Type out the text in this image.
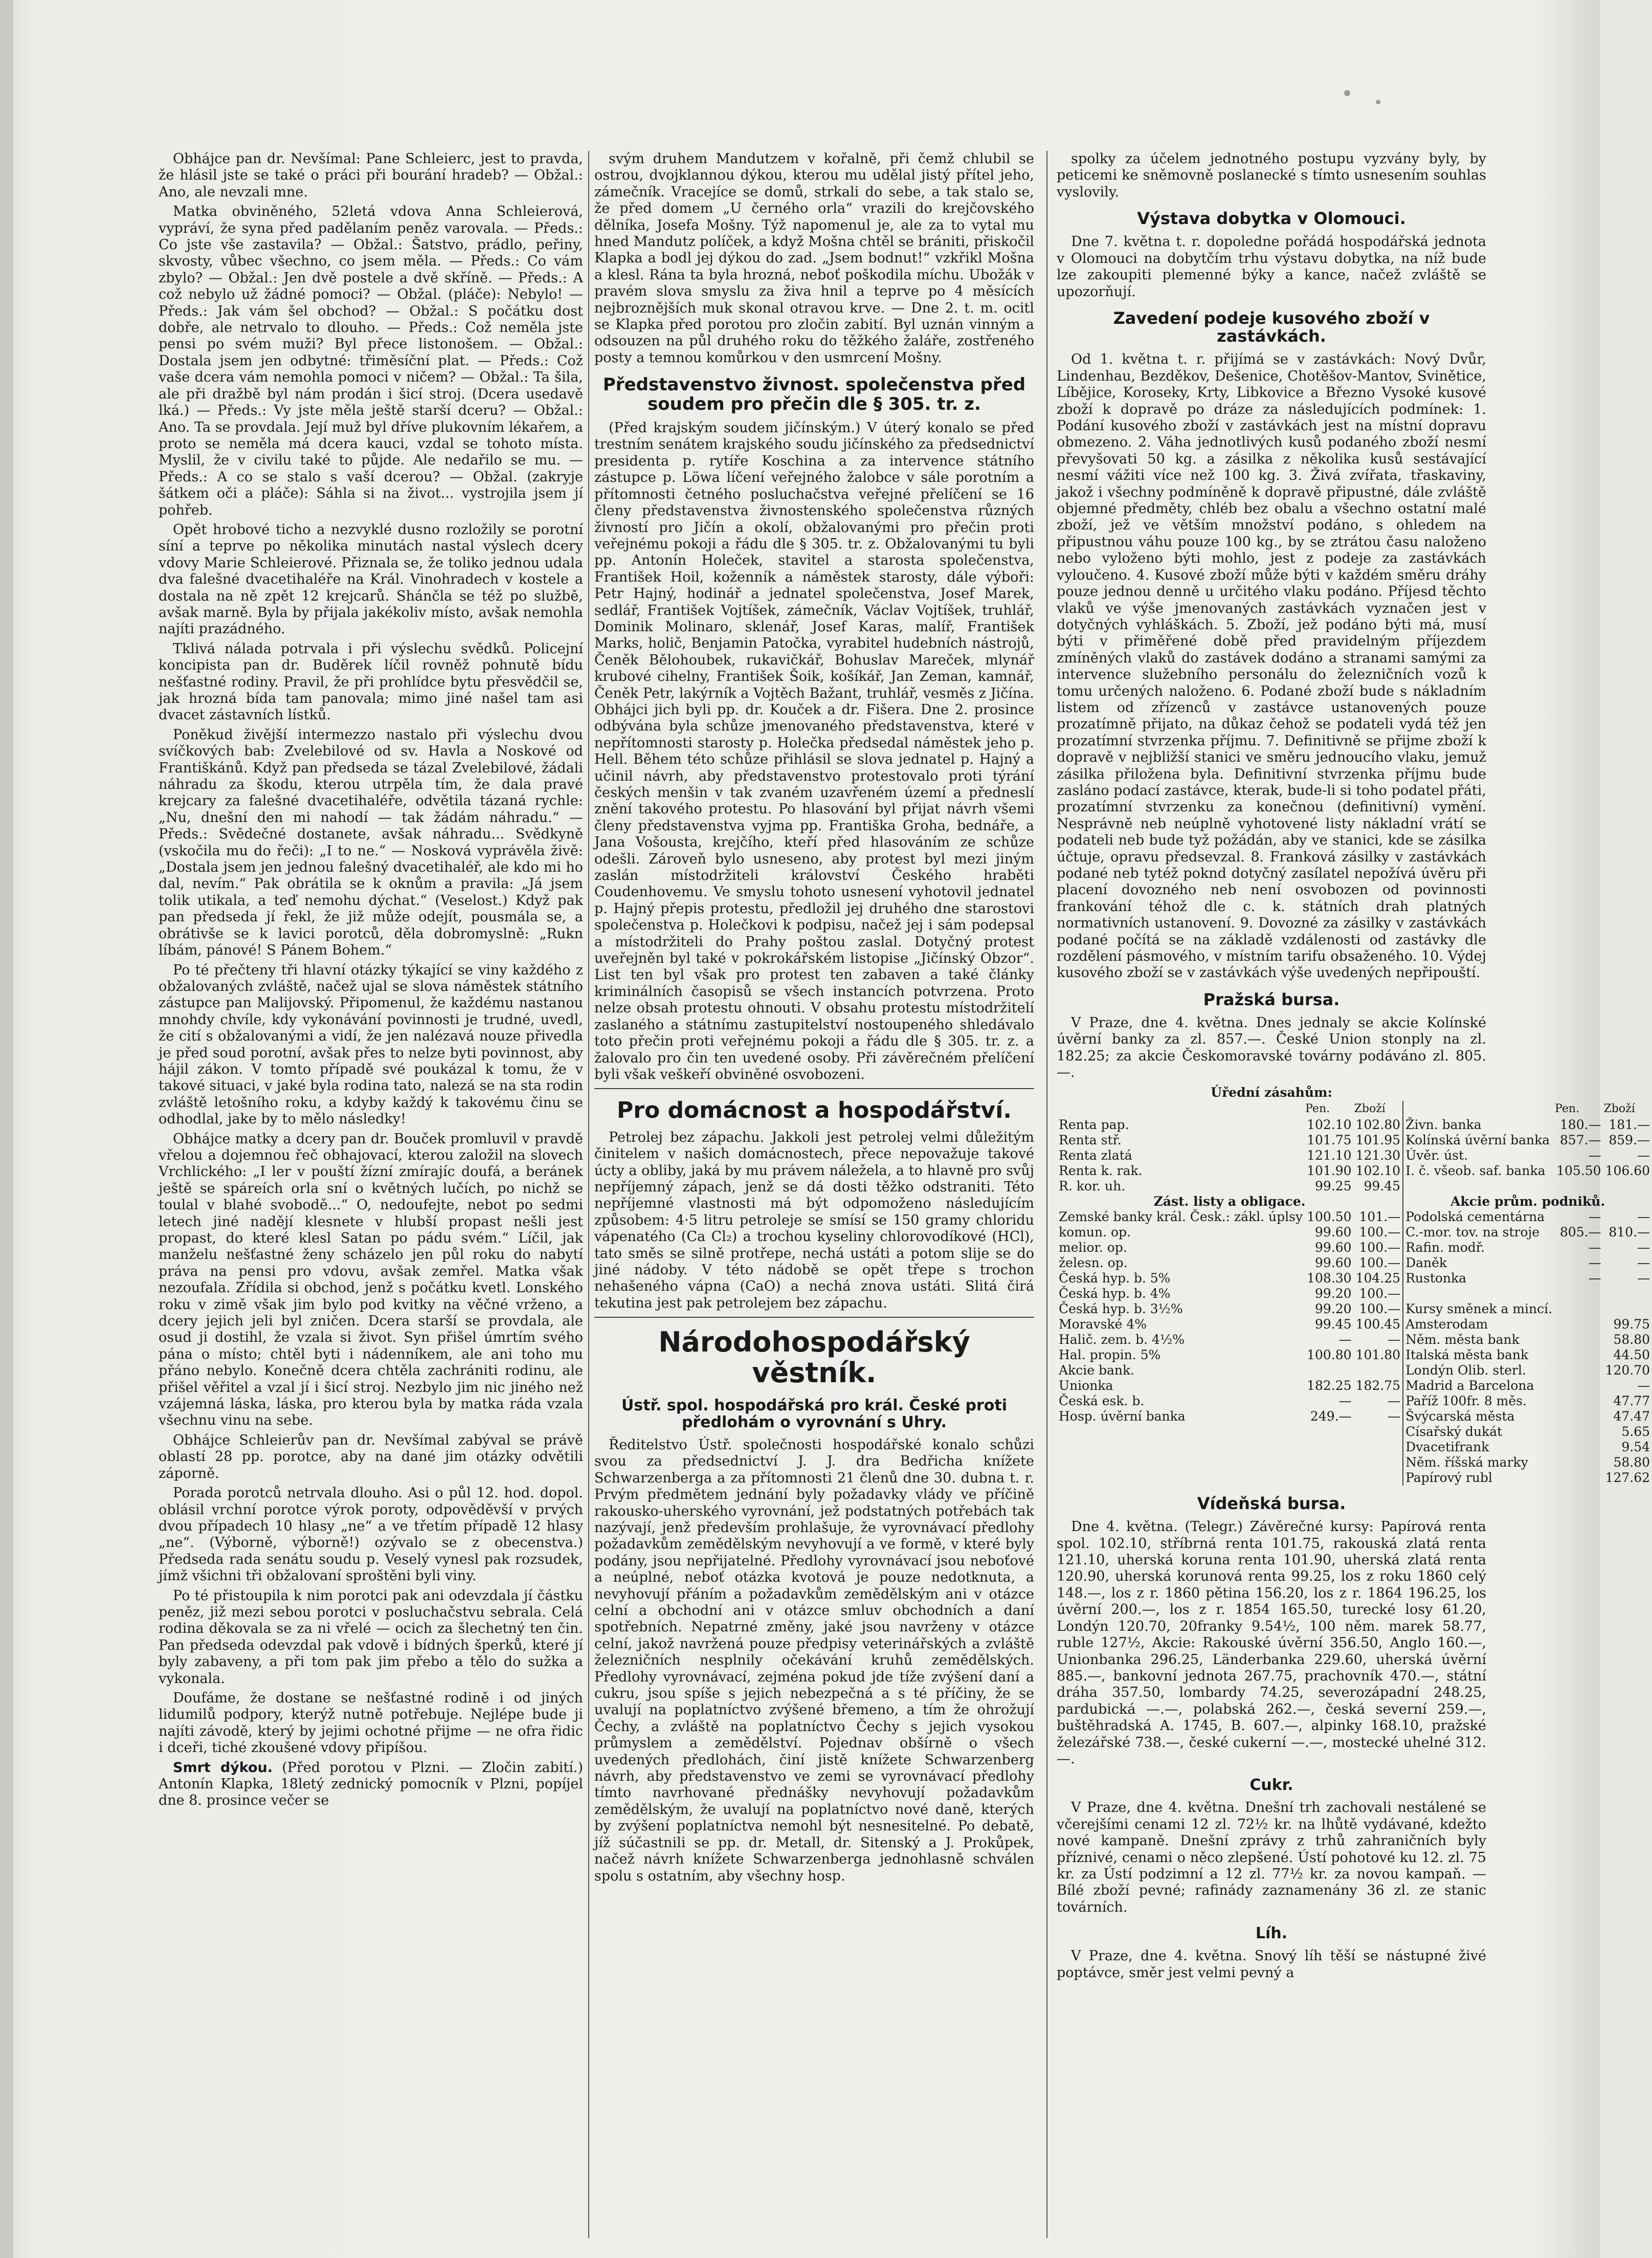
Obhájce pan dr. Nevšímal: Pane Schleierc, jest to pravda, že hlásil jste se také o práci při bourání hradeb? — Obžal.: Ano, ale nevzali mne.

Matka obviněného, 52letá vdova Anna Schleierová, vypráví, že syna před padělaním peněz varovala. — Předs.: Co jste vše zastavila? — Obžal.: Šatstvo, prádlo, peřiny, skvosty, vůbec všechno, co jsem měla. — Předs.: Co vám zbylo? — Obžal.: Jen dvě postele a dvě skříně. — Předs.: A což nebylo už žádné pomoci? — Obžal. (pláče): Nebylo! — Předs.: Jak vám šel obchod? — Obžal.: S počátku dost dobře, ale netrvalo to dlouho. — Předs.: Což neměla jste pensi po svém muži? Byl přece listonošem. — Obžal.: Dostala jsem jen odbytné: třiměsíční plat. — Předs.: Což vaše dcera vám nemohla pomoci v ničem? — Obžal.: Ta šila, ale při dražbě byl nám prodán i šicí stroj. (Dcera usedavě lká.) — Předs.: Vy jste měla ještě starší dceru? — Obžal.: Ano. Ta se provdala. Její muž byl dříve plukovním lékařem, a proto se neměla má dcera kauci, vzdal se tohoto místa. Myslil, že v civilu také to půjde. Ale nedařilo se mu. — Předs.: A co se stalo s vaší dcerou? — Obžal. (zakryje šátkem oči a pláče): Sáhla si na život... vystrojila jsem jí pohřeb.

Opět hrobové ticho a nezvyklé dusno rozložily se porotní síní a teprve po několika minutách nastal výslech dcery vdovy Marie Schleierové. Přiznala se, že toliko jednou udala dva falešné dvacetihaléře na Král. Vinohradech v kostele a dostala na ně zpět 12 krejcarů. Shánčla se též po službě, avšak marně. Byla by přijala jakékoliv místo, avšak nemohla najíti prazádného.

Tklivá nálada potrvala i při výslechu svědků. Policejní koncipista pan dr. Buděrek líčil rovněž pohnutě bídu nešťastné rodiny. Pravil, že při prohlídce bytu přesvědčil se, jak hrozná bída tam panovala; mimo jiné našel tam asi dvacet zástavních lístků.

Poněkud živější intermezzo nastalo při výslechu dvou svíčkových bab: Zvelebilové od sv. Havla a Noskové od Františkánů. Když pan předseda se tázal Zvelebilové, žádali náhradu za škodu, kterou utrpěla tím, že dala pravé krejcary za falešné dvacetihaléře, odvětila tázaná rychle: „Nu, dnešní den mi nahodí — tak žádám náhradu.“ — Předs.: Svědečné dostanete, avšak náhradu... Svědkyně (vskočila mu do řeči): „I to ne.“ — Nosková vyprávěla živě: „Dostala jsem jen jednou falešný dvacetihaléř, ale kdo mi ho dal, nevím.“ Pak obrátila se k oknům a pravila: „Já jsem tolik utikala, a teď nemohu dýchat.“ (Veselost.) Když pak pan předseda jí řekl, že již může odejít, pousmála se, a obrátivše se k lavici porotců, děla dobromyslně: „Rukn líbám, pánové! S Pánem Bohem.“

Po té přečteny tři hlavní otázky týkající se viny každého z obžalovaných zvláště, načež ujal se slova náměstek státního zástupce pan Malijovský. Připomenul, že každému nastanou mnohdy chvíle, kdy vykonávání povinnosti je trudné, uvedl, že cití s obžalovanými a vidí, že jen nalézavá nouze přivedla je před soud porotní, avšak přes to nelze byti povinnost, aby hájil zákon. V tomto případě své poukázal k tomu, že v takové situaci, v jaké byla rodina tato, nalezá se na sta rodin zvláště letošního roku, a kdyby každý k takovému činu se odhodlal, jake by to mělo následky!

Obhájce matky a dcery pan dr. Bouček promluvil v pravdě vřelou a dojemnou řeč obhajovací, kterou založil na slovech Vrchlického: „I ler v pouští žízní zmírajíc doufá, a beránek ještě se spáreích orla sní o květných lučích, po nichž se toulal v blahé svobodě...“ O, nedoufejte, nebot po sedmi letech jiné nadějí klesnete v hlubší propast nešli jest propast, do které klesl Satan po pádu svém.“ Líčil, jak manželu nešťastné ženy scházelo jen půl roku do nabytí práva na pensi pro vdovu, avšak zemřel. Matka však nezoufala. Zřídila si obchod, jenž s počátku kvetl. Lonského roku v zimě však jim bylo pod kvitky na věčné vrženo, a dcery jejich jeli byl zničen. Dcera starší se provdala, ale osud ji dostihl, že vzala si život. Syn přišel úmrtím svého pána o místo; chtěl byti i nádenníkem, ale ani toho mu přáno nebylo. Konečně dcera chtěla zachrániti rodinu, ale přišel věřitel a vzal jí i šicí stroj. Nezbylo jim nic jiného než vzájemná láska, láska, pro kterou byla by matka ráda vzala všechnu vinu na sebe.

Obhájce Schleierův pan dr. Nevšímal zabýval se právě oblastí 28 pp. porotce, aby na dané jim otázky odvětili záporně.

Porada porotců netrvala dlouho. Asi o půl 12. hod. dopol. oblásil vrchní porotce výrok poroty, odpověděvší v prvých dvou případech 10 hlasy „ne“ a ve třetím případě 12 hlasy „ne“. (Výborně, výborně!) ozývalo se z obecenstva.) Předseda rada senátu soudu p. Veselý vynesl pak rozsudek, jímž všichni tři obžalovaní sproštěni byli viny.

Po té přistoupila k nim porotci pak ani odevzdala jí částku peněz, již mezi sebou porotci v posluchačstvu sebrala. Celá rodina děkovala se za ni vřelé — ocich za šlechetný ten čin. Pan předseda odevzdal pak vdově i bídných šperků, které jí byly zabaveny, a při tom pak jim přebo a tělo do sužka a vykonala.

Doufáme, že dostane se nešťastné rodině i od jiných lidumilů podpory, kterýž nutně potřebuje. Nejlépe bude ji najíti závodě, který by jejimi ochotné přijme — ne ofra řidic i dceři, tiché zkoušené vdovy připíšou.

Smrt dýkou. (Před porotou v Plzni. — Zločin zabití.) Antonín Klapka, 18letý zednický pomocník v Plzni, popíjel dne 8. prosince večer se

svým druhem Mandutzem v kořalně, při čemž chlubil se ostrou, dvojklannou dýkou, kterou mu udělal jistý přítel jeho, zámečník. Vracejíce se domů, strkali do sebe, a tak stalo se, že před domem „U černého orla“ vrazili do krejčovského dělníka, Josefa Mošny. Týž napomenul je, ale za to vytal mu hned Mandutz políček, a když Mošna chtěl se brániti, přiskočil Klapka a bodl jej dýkou do zad. „Jsem bodnut!“ vzkřikl Mošna a klesl. Rána ta byla hrozná, neboť poškodila míchu. Ubožák v pravém slova smyslu za živa hnil a teprve po 4 měsících nejbroznějších muk skonal otravou krve. — Dne 2. t. m. ocitl se Klapka před porotou pro zločin zabití. Byl uznán vinným a odsouzen na půl druhého roku do těžkého žaláře, zostřeného posty a temnou komůrkou v den usmrcení Mošny.

Představenstvo živnost. společenstva před soudem pro přečin dle § 305. tr. z.

(Před krajským soudem jičínským.) V úterý konalo se před trestním senátem krajského soudu jičínského za předsednictví presidenta p. rytíře Koschina a za intervence státního zástupce p. Löwa líčení veřejného žalobce v sále porotním a přítomnosti četného posluchačstva veřejné přelíčení se 16 členy představenstva živnostenského společenstva různých živností pro Jičín a okolí, obžalovanými pro přečin proti veřejnému pokoji a řádu dle § 305. tr. z. Obžalovanými tu byli pp. Antonín Holeček, stavitel a starosta společenstva, František Hoil, koženník a náměstek starosty, dále výboři: Petr Hajný, hodinář a jednatel společenstva, Josef Marek, sedlář, František Vojtíšek, zámečník, Václav Vojtíšek, truhlář, Dominik Molinaro, sklenář, Josef Karas, malíř, František Marks, holič, Benjamin Patočka, vyrabitel hudebních nástrojů, Čeněk Bělohoubek, rukavičkář, Bohuslav Mareček, mlynář krubové cihelny, František Šoik, košíkář, Jan Zeman, kamnář, Čeněk Petr, lakýrník a Vojtěch Bažant, truhlář, vesměs z Jičína. Obhájci jich byli pp. dr. Kouček a dr. Fišera. Dne 2. prosince odbývána byla schůze jmenovaného představenstva, které v nepřítomnosti starosty p. Holečka předsedal náměstek jeho p. Hell. Během této schůze přihlásil se slova jednatel p. Hajný a učinil návrh, aby představenstvo protestovalo proti týrání českých menšin v tak zvaném uzavřeném území a předneslí znění takového protestu. Po hlasování byl přijat návrh všemi členy představenstva vyjma pp. Františka Groha, bednáře, a Jana Vošousta, krejčího, kteří před hlasováním ze schůze odešli. Zároveň bylo usneseno, aby protest byl mezi jiným zaslán místodržiteli království Českého hraběti Coudenhovemu. Ve smyslu tohoto usnesení vyhotovil jednatel p. Hajný přepis protestu, předložil jej druhého dne starostovi společenstva p. Holečkovi k podpisu, načež jej i sám podepsal a místodržiteli do Prahy poštou zaslal. Dotyčný protest uveřejněn byl také v pokrokářském listopise „Jičínský Obzor“. List ten byl však pro protest ten zabaven a také články kriminálních časopisů se všech instancích potvrzena. Proto nelze obsah protestu ohnouti. V obsahu protestu místodržitelí zaslaného a státnímu zastupitelství nostoupeného shledávalo toto přečin proti veřejnému pokoji a řádu dle § 305. tr. z. a žalovalo pro čin ten uvedené osoby. Při závěrečném přelíčení byli však veškeří obviněné osvobozeni.

Pro domácnost a hospodářství.

Petrolej bez zápachu. Jakkoli jest petrolej velmi důležitým činitelem v našich domácnostech, přece nepovažuje takové úcty a obliby, jaká by mu právem náležela, a to hlavně pro svůj nepříjemný zápach, jenž se dá dosti těžko odstraniti. Této nepříjemné vlastnosti má být odpomoženo následujícím způsobem: 4·5 litru petroleje se smísí se 150 gramy chloridu vápenatého (Ca Cl₂) a trochou kyseliny chlorovodíkové (HCl), tato směs se silně protřepe, nechá ustáti a potom slije se do jiné nádoby. V této nádobě se opět třepe s trochon nehašeného vápna (CaO) a nechá znova ustáti. Slitá čirá tekutina jest pak petrolejem bez zápachu.

Národohospodářský věstník.
Ústř. spol. hospodářská pro král. České proti předlohám o vyrovnání s Uhry.

Ředitelstvo Ústř. společnosti hospodářské konalo schůzi svou za předsednictví J. J. dra Bedřicha knížete Schwarzenberga a za přítomnosti 21 členů dne 30. dubna t. r. Prvým předmětem jednání byly požadavky vlády ve příčině rakousko-uherského vyrovnání, jež podstatných potřebách tak nazývají, jenž především prohlašuje, že vyrovnávací předlohy požadavkům zemědělským nevyhovují a ve formě, v které byly podány, jsou nepřijatelné. Předlohy vyrovnávací jsou neboťové a neúplné, neboť otázka kvotová je pouze nedotknuta, a nevyhovují přáním a požadavkům zemědělským ani v otázce celní a obchodní ani v otázce smluv obchodních a daní spotřebních. Nepatrné změny, jaké jsou navrženy v otázce celní, jakož navržená pouze předpisy veterinářských a zvláště železničních nesplnily očekávání kruhů zemědělských. Předlohy vyrovnávací, zejména pokud jde tíže zvýšení daní a cukru, jsou spíše s jejich nebezpečná a s té příčiny, že se uvalují na poplatníctvo zvýšené břemeno, a tím že ohrožují Čechy, a zvláště na poplatníctvo Čechy s jejich vysokou průmyslem a zemědělství. Pojednav obšírně o všech uvedených předlohách, činí jistě knížete Schwarzenberg návrh, aby představenstvo ve zemi se vyrovnávací předlohy tímto navrhované přednášky nevyhovují požadavkům zemědělským, že uvalují na poplatníctvo nové daně, kterých by zvýšení poplatníctva nemohl být nesnesitelné. Po debatě, jíž súčastnili se pp. dr. Metall, dr. Sitenský a J. Prokůpek, načež návrh knížete Schwarzenberga jednohlasně schválen spolu s ostatním, aby všechny hosp.

spolky za účelem jednotného postupu vyzvány byly, by peticemi ke sněmovně poslanecké s tímto usnesením souhlas vyslovily.

Výstava dobytka v Olomouci.

Dne 7. května t. r. dopoledne pořádá hospodářská jednota v Olomouci na dobytčím trhu výstavu dobytka, na níž bude lze zakoupiti plemenné býky a kance, načež zvláště se upozorňují.

Zavedení podeje kusového zboží v zastávkách.

Od 1. května t. r. přijímá se v zastávkách: Nový Dvůr, Lindenhau, Bezděkov, Dešenice, Chotěšov-Mantov, Svinětice, Líbějice, Koroseky, Krty, Libkovice a Březno Vysoké kusové zboží k dopravě po dráze za následujících podmínek: 1. Podání kusového zboží v zastávkách jest na místní dopravu obmezeno. 2. Váha jednotlivých kusů podaného zboží nesmí převyšovati 50 kg. a zásilka z několika kusů sestávající nesmí vážiti více než 100 kg. 3. Živá zvířata, třaskaviny, jakož i všechny podmíněně k dopravě připustné, dále zvláště objemné předměty, chléb bez obalu a všechno ostatní malé zboží, jež ve větším množství podáno, s ohledem na připustnou váhu pouze 100 kg., by se ztrátou času naloženo nebo vyloženo býti mohlo, jest z podeje za zastávkách vyloučeno. 4. Kusové zboží může býti v každém směru dráhy pouze jednou denně u určitého vlaku podáno. Příjesd těchto vlaků ve výše jmenovaných zastávkách vyznačen jest v dotyčných vyhláškách. 5. Zboží, jež podáno býti má, musí býti v přiměřené době před pravidelným příjezdem zmíněných vlaků do zastávek dodáno a stranami samými za intervence služebního personálu do železničních vozů k tomu určených naloženo. 6. Podané zboží bude s nákladním listem od zřízenců v zastávce ustanovených pouze prozatímně přijato, na důkaz čehož se podateli vydá též jen prozatímní stvrzenka příjmu. 7. Definitivně se přijme zboží k dopravě v nejbližší stanici ve směru jednoucího vlaku, jemuž zásilka přiložena byla. Definitivní stvrzenka příjmu bude zasláno podací zastávce, kterak, bude-li si toho podatel přáti, prozatímní stvrzenku za konečnou (definitivní) vymění. Nesprávně neb neúplně vyhotovené listy nákladní vrátí se podateli neb bude tyž požádán, aby ve stanici, kde se zásilka účtuje, opravu předsevzal. 8. Franková zásilky v zastávkách podané neb tytéž poknd dotyčný zasílatel nepožívá úvěru při placení dovozného neb není osvobozen od povinnosti frankování téhož dle c. k. státních drah platných normativních ustanovení. 9. Dovozné za zásilky v zastávkách podané počítá se na základě vzdálenosti od zastávky dle rozdělení pásmového, v místním tarifu obsaženého. 10. Výdej kusového zboží se v zastávkách výše uvedených nepřipouští.

Pražská bursa.

V Praze, dne 4. května. Dnes jednaly se akcie Kolínské úvěrní banky za zl. 857.—. České Union stonply na zl. 182.25; za akcie Českomoravské továrny podáváno zl. 805.—.

Úřední zásahům:
	Pen.	Zboží		Pen.	Zboží
Renta pap.	102.10	102.80	Živn. banka	180.—	181.—
Renta stř.	101.75	101.95	Kolínská úvěrní banka	857.—	859.—
Renta zlatá	121.10	121.30	Úvěr. úst.	—	—
Renta k. rak.	101.90	102.10	I. č. všeob. saf. banka	105.50	106.60
R. kor. uh.	99.25	99.45			
Zást. listy a obligace.			Akcie prům. podniků.		
Zemské banky král. Česk.: zákl. úplsy	100.50	101.—	Podolská cementárna	—	—
komun. op.	99.60	100.—	C.-mor. tov. na stroje	805.—	810.—
melior. op.	99.60	100.—	Rafin. modř.	—	—
želesn. op.	99.60	100.—	Daněk	—	—
Česká hyp. b. 5%	108.30	104.25	Rustonka	—	—
Česká hyp. b. 4%	99.20	100.—			
Česká hyp. b. 3½%	99.20	100.—	Kursy směnek a mincí.		
Moravské 4%	99.45	100.45	Amsterodam		99.75
Halič. zem. b. 4½%	—	—	Něm. města bank		58.80
Hal. propin. 5%	100.80	101.80	Italská města bank		44.50
Akcie bank.			Londýn Olib. sterl.		120.70
Unionka	182.25	182.75	Madrid a Barcelona		—
Česká esk. b.	—	—	Paříž 100fr. 8 měs.		47.77
Hosp. úvěrní banka	249.—	—	Švýcarská města		47.47
			Císařský dukát		5.65
			Dvacetifrank		9.54
			Něm. říšská marky		58.80
			Papírový rubl		127.62
Vídeňská bursa.

Dne 4. května. (Telegr.) Závěrečné kursy: Papírová renta spol. 102.10, stříbrná renta 101.75, rakouská zlatá renta 121.10, uherská koruna renta 101.90, uherská zlatá renta 120.90, uherská korunová renta 99.25, los z roku 1860 celý 148.—, los z r. 1860 pětina 156.20, los z r. 1864 196.25, los úvěrní 200.—, los z r. 1854 165.50, turecké losy 61.20, Londýn 120.70, 20franky 9.54½, 100 něm. marek 58.77, ruble 127½, Akcie: Rakouské úvěrní 356.50, Anglo 160.—, Unionbanka 296.25, Länderbanka 229.60, uherská úvěrní 885.—, bankovní jednota 267.75, prachovník 470.—, státní dráha 357.50, lombardy 74.25, severozápadní 248.25, pardubická —.—, polabská 262.—, česká severní 259.—, buštěhradská A. 1745, B. 607.—, alpinky 168.10, pražské železářské 738.—, české cukerní —.—, mostecké uhelné 312.—.

Cukr.

V Praze, dne 4. května. Dnešní trh zachovali nestálené se včerejšími cenami 12 zl. 72½ kr. na lhůtě vydávané, kdežto nové kampaně. Dnešní zprávy z trhů zahraničních byly příznivé, cenami o něco zlepšené. Ústí pohotové ku 12. zl. 75 kr. za Ústí podzimní a 12 zl. 77½ kr. za novou kampaň. — Bílé zboží pevné; rafinády zaznamenány 36 zl. ze stanic továrních.

Líh.

V Praze, dne 4. května. Snový líh těší se nástupné živé poptávce, směr jest velmi pevný a
